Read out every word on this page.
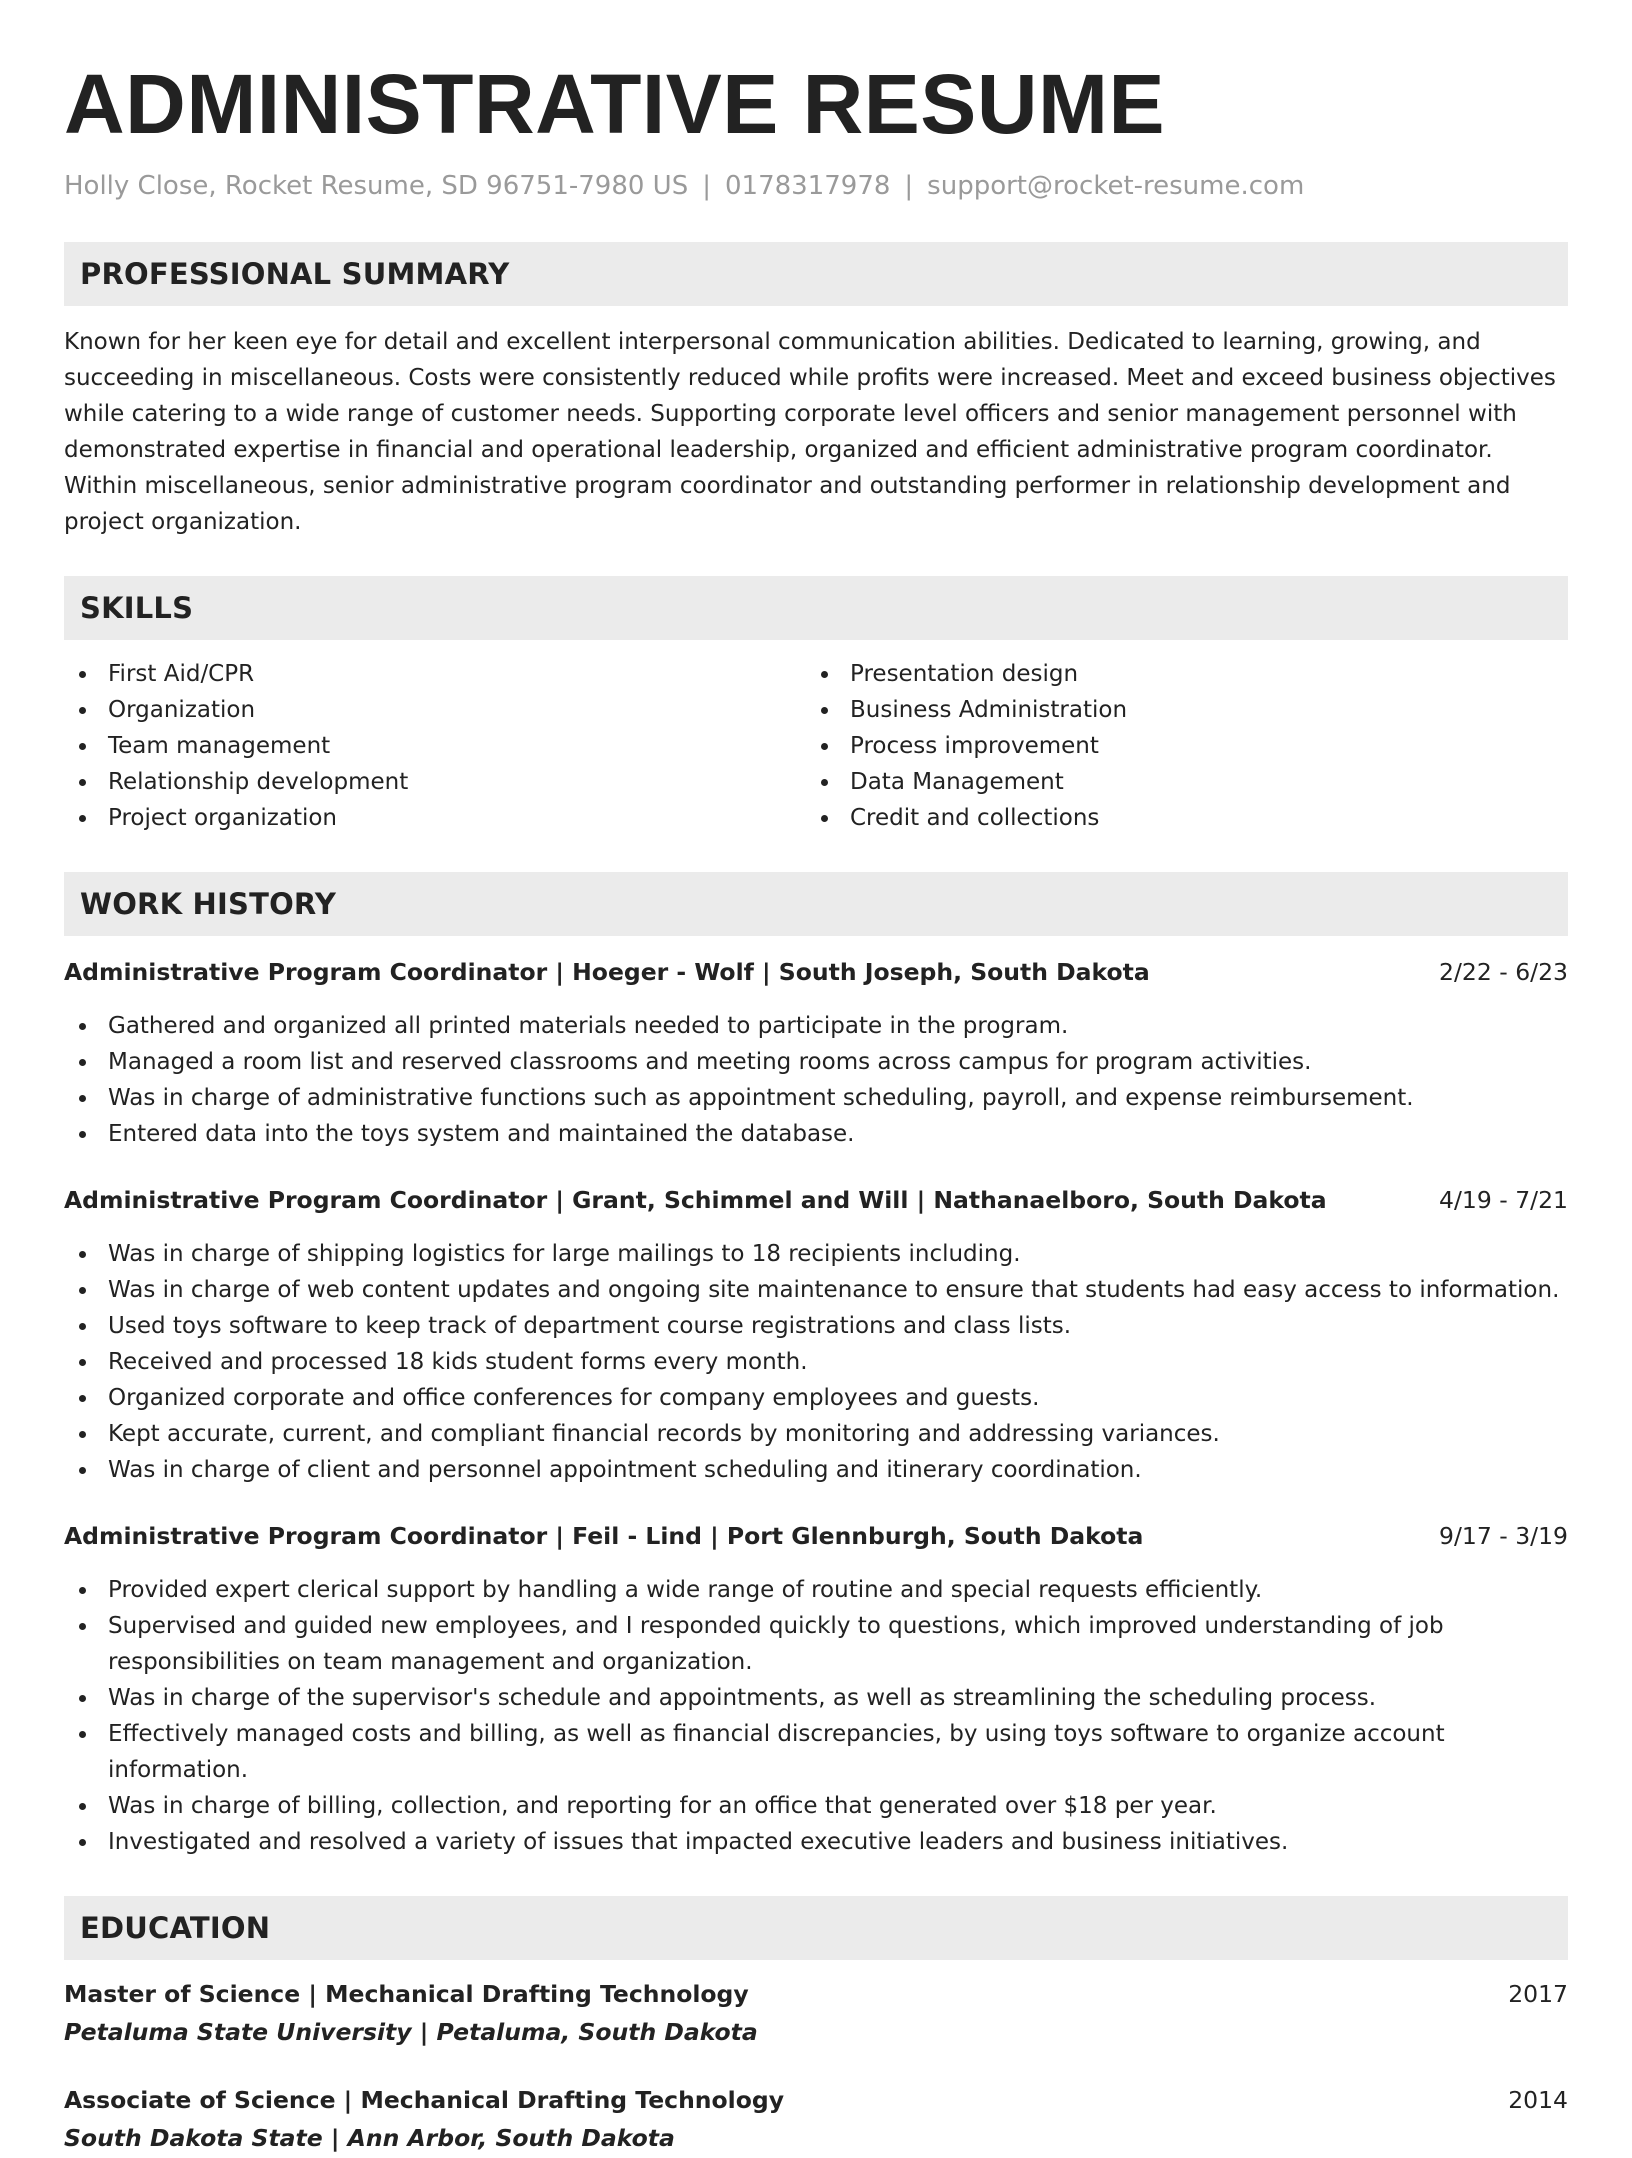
ADMINISTRATIVE RESUME
Holly Close, Rocket Resume, SD 96751-7980 US | 0178317978 | support@rocket-resume.com
PROFESSIONAL SUMMARY
Known for her keen eye for detail and excellent interpersonal communication abilities. Dedicated to learning, growing, and succeeding in miscellaneous. Costs were consistently reduced while profits were increased. Meet and exceed business objectives while catering to a wide range of customer needs. Supporting corporate level officers and senior management personnel with demonstrated expertise in financial and operational leadership, organized and efficient administrative program coordinator. Within miscellaneous, senior administrative program coordinator and outstanding performer in relationship development and project organization.
SKILLS
First Aid/CPR
Organization
Team management
Relationship development
Project organization
Presentation design
Business Administration
Process improvement
Data Management
Credit and collections
WORK HISTORY
Administrative Program Coordinator | Hoeger - Wolf | South Joseph, South Dakota	2/22 - 6/23
Gathered and organized all printed materials needed to participate in the program.
Managed a room list and reserved classrooms and meeting rooms across campus for program activities.
Was in charge of administrative functions such as appointment scheduling, payroll, and expense reimbursement.
Entered data into the toys system and maintained the database.
Administrative Program Coordinator | Grant, Schimmel and Will | Nathanaelboro, South Dakota	4/19 - 7/21
Was in charge of shipping logistics for large mailings to 18 recipients including.
Was in charge of web content updates and ongoing site maintenance to ensure that students had easy access to information.
Used toys software to keep track of department course registrations and class lists.
Received and processed 18 kids student forms every month.
Organized corporate and office conferences for company employees and guests.
Kept accurate, current, and compliant financial records by monitoring and addressing variances.
Was in charge of client and personnel appointment scheduling and itinerary coordination.
Administrative Program Coordinator | Feil - Lind | Port Glennburgh, South Dakota	9/17 - 3/19
Provided expert clerical support by handling a wide range of routine and special requests efficiently.
Supervised and guided new employees, and I responded quickly to questions, which improved understanding of job responsibilities on team management and organization.
Was in charge of the supervisor's schedule and appointments, as well as streamlining the scheduling process.
Effectively managed costs and billing, as well as financial discrepancies, by using toys software to organize account information.
Was in charge of billing, collection, and reporting for an office that generated over $18 per year.
Investigated and resolved a variety of issues that impacted executive leaders and business initiatives.
EDUCATION
Master of Science | Mechanical Drafting Technology	2017
Petaluma State University | Petaluma, South Dakota
Associate of Science | Mechanical Drafting Technology	2014
South Dakota State | Ann Arbor, South Dakota
